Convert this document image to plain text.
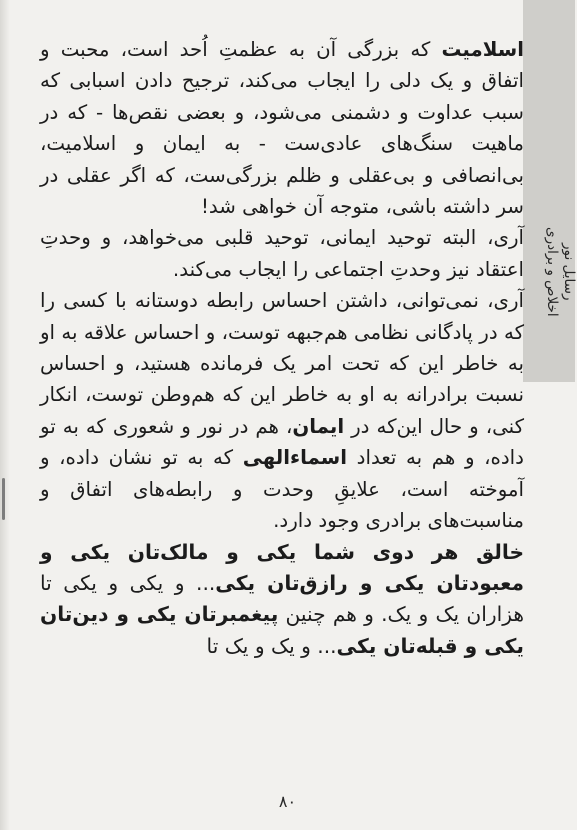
رسایل نور
اخلاص و برادری

اسلامیت که بزرگی آن به عظمتِ اُحد است، محبت و اتفاق و یک دلی را ایجاب می‌کند، ترجیح دادن اسبابی که سبب عداوت و دشمنی می‌شود، و بعضی نقص‌ها - که در ماهیت سنگ‌های عادی‌ست - به ایمان و اسلامیت، بی‌انصافی و بی‌عقلی و ظلم بزرگی‌ست، که اگر عقلی در سر داشته باشی، متوجه آن خواهی شد!

آری، البته توحید ایمانی، توحید قلبی می‌خواهد، و وحدتِ اعتقاد نیز وحدتِ اجتماعی را ایجاب می‌کند.

آری، نمی‌توانی، داشتن احساس رابطه دوستانه با کسی را که در پادگانی نظامی هم‌جبهه توست، و احساس علاقه به او به خاطر این که تحت امر یک فرمانده هستید، و احساس نسبت برادرانه به او به خاطر این که هم‌وطن توست، انکار کنی، و حال این‌که در ایمان، هم در نور و شعوری که به تو داده، و هم به تعداد اسماءالهی که به تو نشان داده، و آموخته است، علایقِ وحدت و رابطه‌های اتفاق و مناسبت‌های برادری وجود دارد.

خالق هر دوی شما یکی و مالک‌تان یکی و معبودتان یکی و رازق‌تان یکی... و یکی و یکی تا هزاران یک و یک. و هم چنین پیغمبرتان یکی و دین‌تان یکی و قبله‌تان یکی... و یک و یک تا

۸۰
